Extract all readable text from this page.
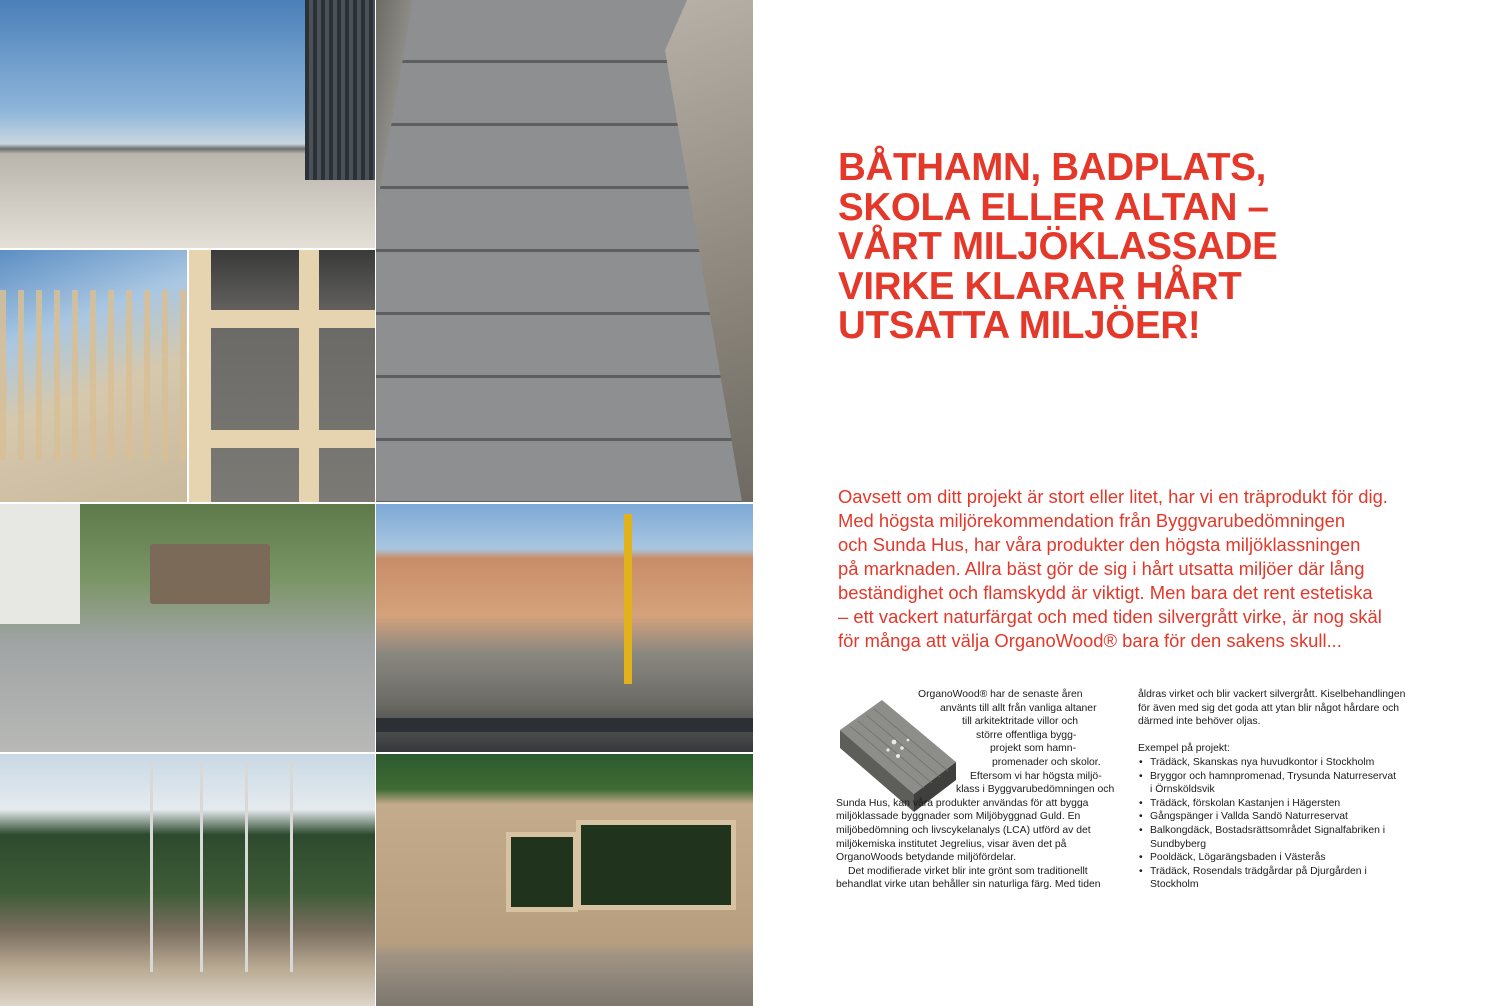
BÅTHAMN, BADPLATS,
SKOLA ELLER ALTAN –
VÅRT MILJÖKLASSADE
VIRKE KLARAR HÅRT
UTSATTA MILJÖER!
Oavsett om ditt projekt är stort eller litet, har vi en träprodukt för dig.
Med högsta miljörekommendation från Byggvarubedömningen
och Sunda Hus, har våra produkter den högsta miljöklassningen
på marknaden. Allra bäst gör de sig i hårt utsatta miljöer där lång
beständighet och flamskydd är viktigt. Men bara det rent estetiska
– ett vackert naturfärgat och med tiden silvergrått virke, är nog skäl
för många att välja OrganoWood® bara för den sakens skull...
OrganoWood® har de senaste åren
använts till allt från vanliga altaner
till arkitektritade villor och
större offentliga bygg-
projekt som hamn-
promenader och skolor.
Eftersom vi har högsta miljö-
klass i Byggvarubedömningen och
Sunda Hus, kan våra produkter användas för att bygga
miljöklassade byggnader som Miljöbyggnad Guld. En
miljöbedömning och livscykelanalys (LCA) utförd av det
miljökemiska institutet Jegrelius, visar även det på
OrganoWoods betydande miljöfördelar.
Det modifierade virket blir inte grönt som traditionellt
behandlat virke utan behåller sin naturliga färg. Med tiden
åldras virket och blir vackert silvergrått. Kiselbehandlingen
för även med sig det goda att ytan blir något hårdare och
därmed inte behöver oljas.
Exempel på projekt:
• Trädäck, Skanskas nya huvudkontor i Stockholm
• Bryggor och hamnpromenad, Trysunda Naturreservat
i Örnsköldsvik
• Trädäck, förskolan Kastanjen i Hägersten
• Gångspänger i Vallda Sandö Naturreservat
• Balkongdäck, Bostadsrättsområdet Signalfabriken i
Sundbyberg
• Pooldäck, Lögarängsbaden i Västerås
• Trädäck, Rosendals trädgårdar på Djurgården i
Stockholm
